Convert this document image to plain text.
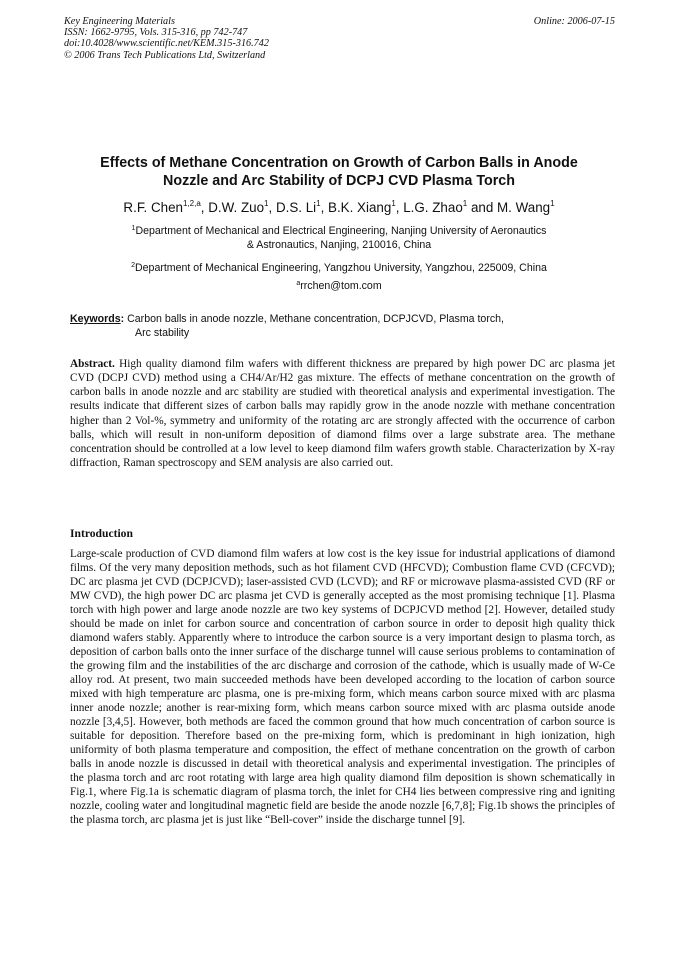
Key Engineering Materials
ISSN: 1662-9795, Vols. 315-316, pp 742-747
doi:10.4028/www.scientific.net/KEM.315-316.742
© 2006 Trans Tech Publications Ltd, Switzerland
Online: 2006-07-15
Effects of Methane Concentration on Growth of Carbon Balls in Anode
Nozzle and Arc Stability of DCPJ CVD Plasma Torch
R.F. Chen$^{1,2,a}$, D.W. Zuo$^1$, D.S. Li$^1$, B.K. Xiang$^1$, L.G. Zhao$^1$ and M. Wang$^1$
$^1$Department of Mechanical and Electrical Engineering, Nanjing University of Aeronautics
& Astronautics, Nanjing, 210016, China
$^2$Department of Mechanical Engineering, Yangzhou University, Yangzhou, 225009, China
$^a$rrchen@tom.com
Keywords: Carbon balls in anode nozzle, Methane concentration, DCPJCVD, Plasma torch,
Arc stability
Abstract. High quality diamond film wafers with different thickness are prepared by high power DC arc plasma jet CVD (DCPJ CVD) method using a CH4/Ar/H2 gas mixture. The effects of methane concentration on the growth of carbon balls in anode nozzle and arc stability are studied with theoretical analysis and experimental investigation. The results indicate that different sizes of carbon balls may rapidly grow in the anode nozzle with methane concentration higher than 2 Vol-%, symmetry and uniformity of the rotating arc are strongly affected with the occurrence of carbon balls, which will result in non-uniform deposition of diamond films over a large substrate area. The methane concentration should be controlled at a low level to keep diamond film wafers growth stable. Characterization by X-ray diffraction, Raman spectroscopy and SEM analysis are also carried out.
Introduction
Large-scale production of CVD diamond film wafers at low cost is the key issue for industrial applications of diamond films. Of the very many deposition methods, such as hot filament CVD (HFCVD); Combustion flame CVD (CFCVD); DC arc plasma jet CVD (DCPJCVD); laser-assisted CVD (LCVD); and RF or microwave plasma-assisted CVD (RF or MW CVD), the high power DC arc plasma jet CVD is generally accepted as the most promising technique [1]. Plasma torch with high power and large anode nozzle are two key systems of DCPJCVD method [2]. However, detailed study should be made on inlet for carbon source and concentration of carbon source in order to deposit high quality thick diamond wafers stably. Apparently where to introduce the carbon source is a very important design to plasma torch, as deposition of carbon balls onto the inner surface of the discharge tunnel will cause serious problems to contamination of the growing film and the instabilities of the arc discharge and corrosion of the cathode, which is usually made of W-Ce alloy rod. At present, two main succeeded methods have been developed according to the location of carbon source mixed with high temperature arc plasma, one is pre-mixing form, which means carbon source mixed with arc plasma inner anode nozzle; another is rear-mixing form, which means carbon source mixed with arc plasma outside anode nozzle [3,4,5]. However, both methods are faced the common ground that how much concentration of carbon source is suitable for deposition. Therefore based on the pre-mixing form, which is predominant in high ionization, high uniformity of both plasma temperature and composition, the effect of methane concentration on the growth of carbon balls in anode nozzle is discussed in detail with theoretical analysis and experimental investigation. The principles of the plasma torch and arc root rotating with large area high quality diamond film deposition is shown schematically in Fig.1, where Fig.1a is schematic diagram of plasma torch, the inlet for CH4 lies between compressive ring and igniting nozzle, cooling water and longitudinal magnetic field are beside the anode nozzle [6,7,8]; Fig.1b shows the principles of the plasma torch, arc plasma jet is just like “Bell-cover” inside the discharge tunnel [9].
